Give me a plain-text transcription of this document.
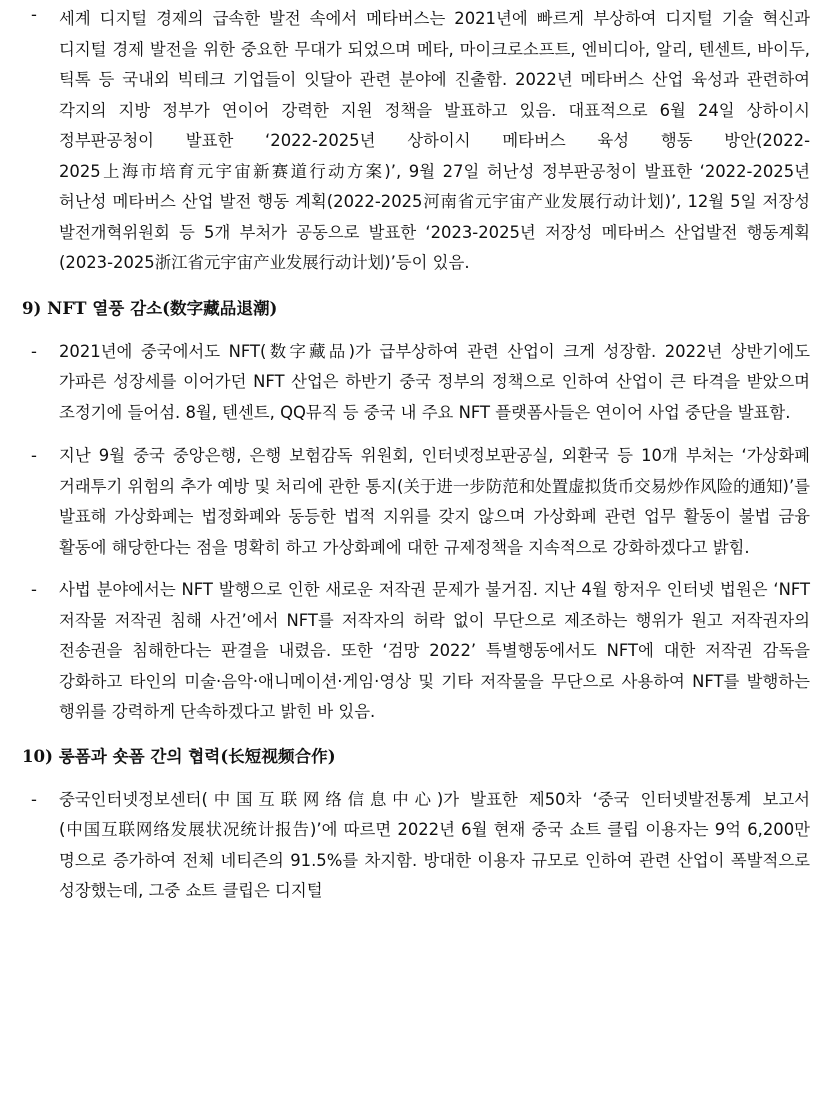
- 세계 디지털 경제의 급속한 발전 속에서 메타버스는 2021년에 빠르게 부상하여 디지털 기술 혁신과 디지털 경제 발전을 위한 중요한 무대가 되었으며 메타, 마이크로소프트, 엔비디아, 알리, 텐센트, 바이두, 틱톡 등 국내외 빅테크 기업들이 잇달아 관련 분야에 진출함. 2022년 메타버스 산업 육성과 관련하여 각지의 지방 정부가 연이어 강력한 지원 정책을 발표하고 있음. 대표적으로 6월 24일 상하이시 정부판공청이 발표한 ‘2022-2025년 상하이시 메타버스 육성 행동 방안(2022-2025上海市培育元宇宙新赛道行动方案)’, 9월 27일 허난성 정부판공청이 발표한 ‘2022-2025년 허난성 메타버스 산업 발전 행동 계획(2022-2025河南省元宇宙产业发展行动计划)’, 12월 5일 저장성 발전개혁위원회 등 5개 부처가 공동으로 발표한 ‘2023-2025년 저장성 메타버스 산업발전 행동계획(2023-2025浙江省元宇宙产业发展行动计划)’등이 있음.

9) NFT 열풍 감소(数字藏品退潮)

- 2021년에 중국에서도 NFT(数字藏品)가 급부상하여 관련 산업이 크게 성장함. 2022년 상반기에도 가파른 성장세를 이어가던 NFT 산업은 하반기 중국 정부의 정책으로 인하여 산업이 큰 타격을 받았으며 조정기에 들어섬. 8월, 텐센트, QQ뮤직 등 중국 내 주요 NFT 플랫폼사들은 연이어 사업 중단을 발표함.

- 지난 9월 중국 중앙은행, 은행 보험감독 위원회, 인터넷정보판공실, 외환국 등 10개 부처는 ‘가상화폐 거래투기 위험의 추가 예방 및 처리에 관한 통지(关于进一步防范和处置虚拟货币交易炒作风险的通知)’를 발표해 가상화폐는 법정화폐와 동등한 법적 지위를 갖지 않으며 가상화폐 관련 업무 활동이 불법 금융 활동에 해당한다는 점을 명확히 하고 가상화폐에 대한 규제정책을 지속적으로 강화하겠다고 밝힘.

- 사법 분야에서는 NFT 발행으로 인한 새로운 저작권 문제가 불거짐. 지난 4월 항저우 인터넷 법원은 ‘NFT 저작물 저작권 침해 사건’에서 NFT를 저작자의 허락 없이 무단으로 제조하는 행위가 원고 저작권자의 전송권을 침해한다는 판결을 내렸음. 또한 ‘검망 2022’ 특별행동에서도 NFT에 대한 저작권 감독을 강화하고 타인의 미술·음악·애니메이션·게임·영상 및 기타 저작물을 무단으로 사용하여 NFT를 발행하는 행위를 강력하게 단속하겠다고 밝힌 바 있음.

10) 롱폼과 숏폼 간의 협력(长短视频合作)

- 중국인터넷정보센터(中国互联网络信息中心)가 발표한 제50차 ‘중국 인터넷발전통계 보고서(中国互联网络发展状况统计报告)’에 따르면 2022년 6월 현재 중국 쇼트 클립 이용자는 9억 6,200만 명으로 증가하여 전체 네티즌의 91.5%를 차지함. 방대한 이용자 규모로 인하여 관련 산업이 폭발적으로 성장했는데, 그중 쇼트 클립은 디지털
